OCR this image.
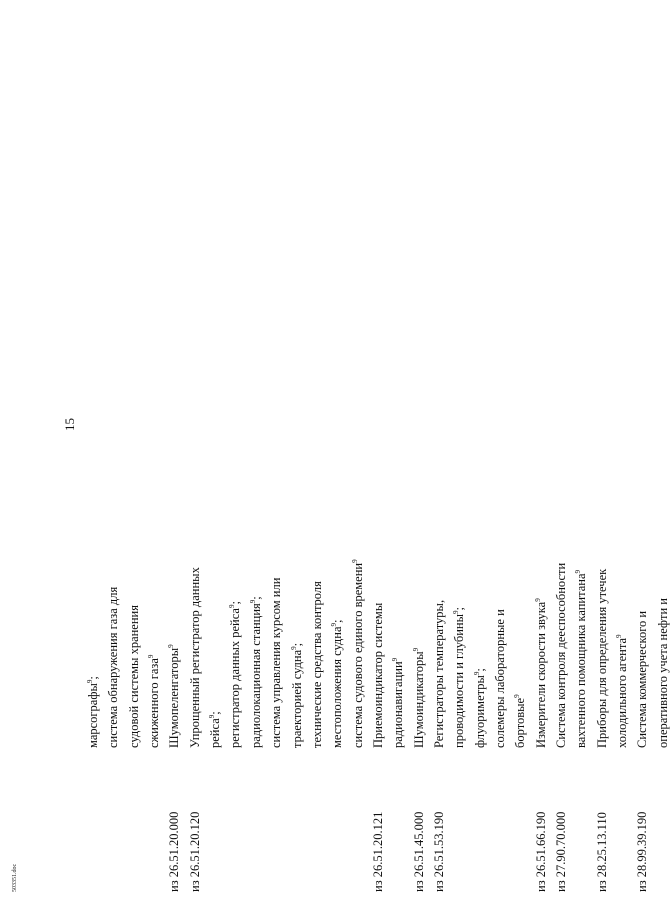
марсографы$^9$; система обнаружения газа для судовой системы хранения сжиженного газа$^9$
из 26.51.20.000
Шумопеленгаторы$^9$
из 26.51.20.120
Упрощенный регистратор данных рейса$^9$; регистратор данных рейса$^9$;
радиолокационная станция$^9$; система управления курсом или траекторией судна$^9$; технические средства контроля местоположения судна$^9$; система судового единого времени$^9$
из 26.51.20.121
Приемоиндикатор системы радионавигации$^9$
из 26.51.45.000
Шумоиндикаторы$^9$
из 26.51.53.190
Регистраторы температуры, проводимости и глубины$^9$;
флуориметры$^9$; солемеры лабораторные и бортовые$^9$
из 26.51.66.190
Измерители скорости звука$^9$
из 27.90.70.000
Система контроля дееспособности вахтенного помощника капитана$^9$
из 28.25.13.110
Приборы для определения утечек холодильного агента$^9$
из 28.99.39.190
Система коммерческого и оперативного учета нефти и
15
503351.doc
